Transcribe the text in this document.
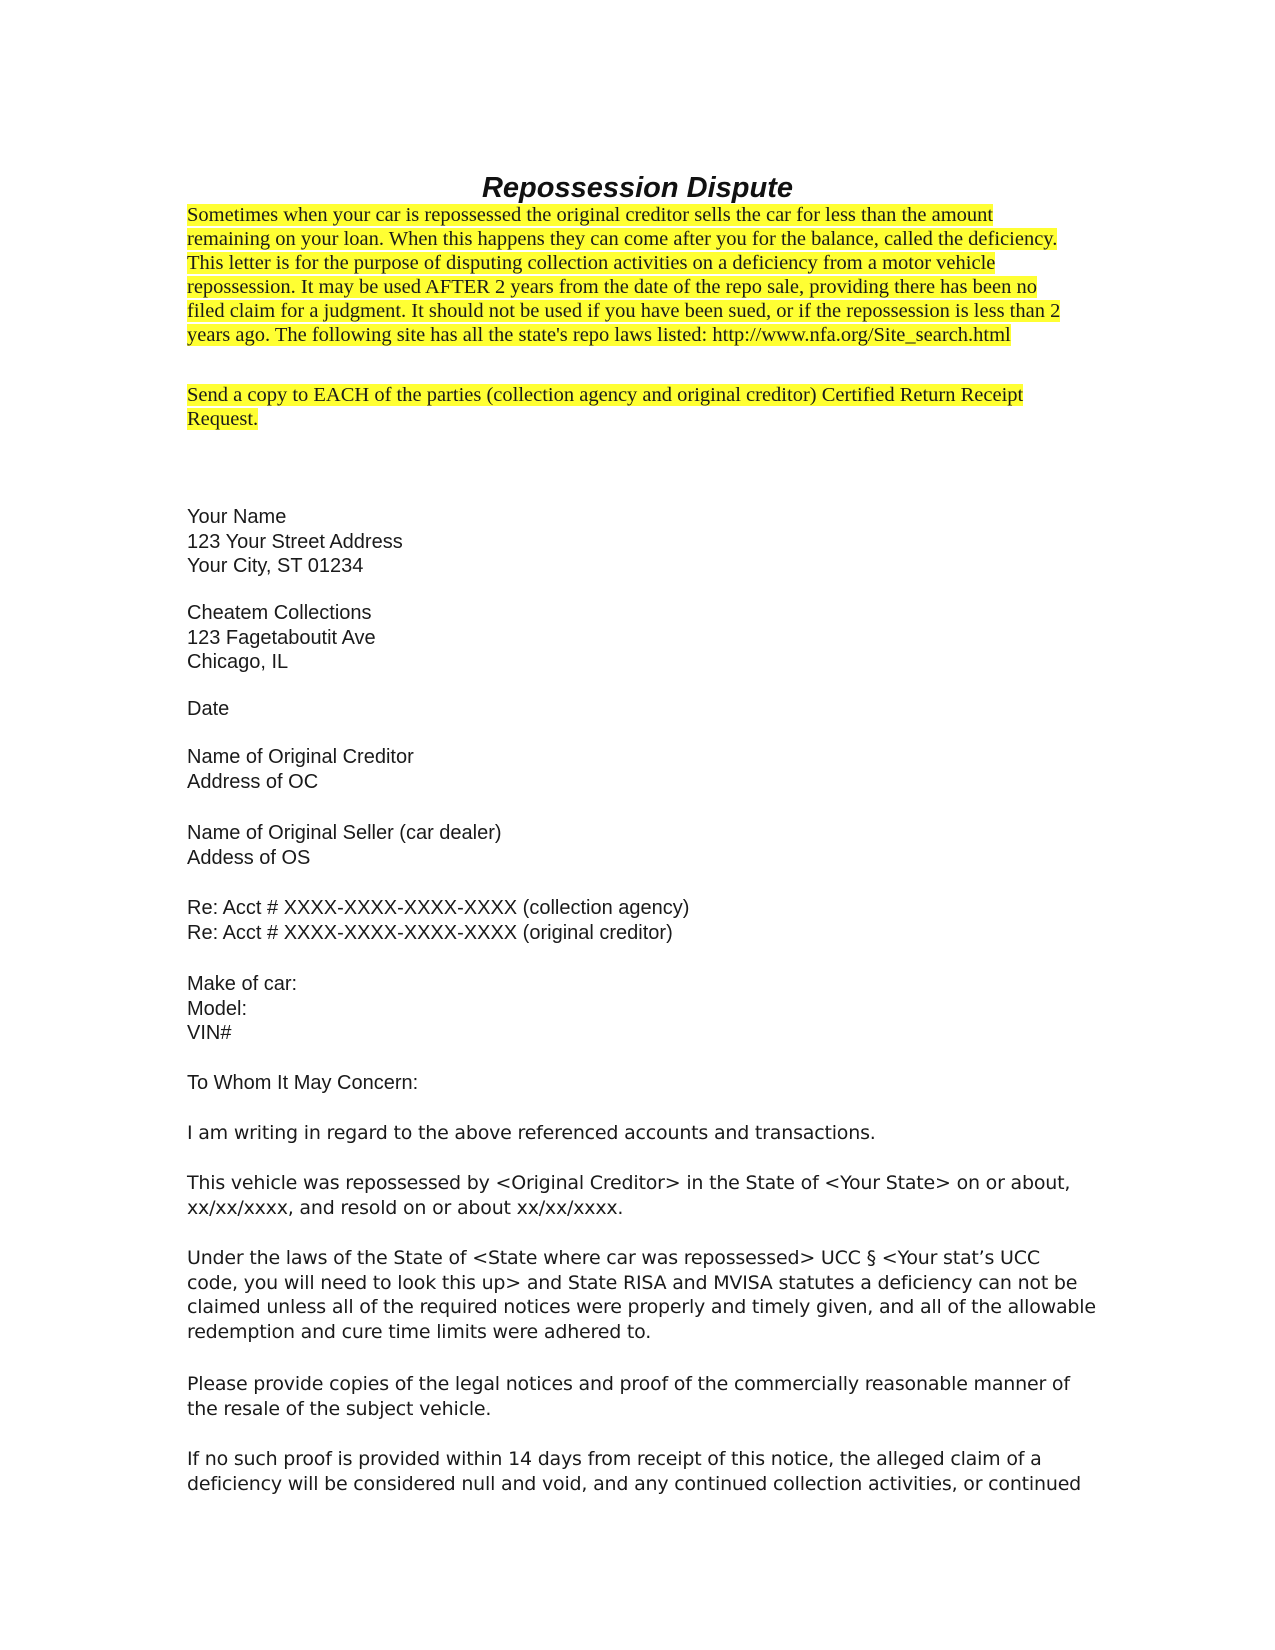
Repossession Dispute
Sometimes when your car is repossessed the original creditor sells the car for less than the amount
remaining on your loan. When this happens they can come after you for the balance, called the deficiency.
This letter is for the purpose of disputing collection activities on a deficiency from a motor vehicle
repossession. It may be used AFTER 2 years from the date of the repo sale, providing there has been no
filed claim for a judgment. It should not be used if you have been sued, or if the repossession is less than 2
years ago. The following site has all the state's repo laws listed: http://www.nfa.org/Site_search.html
Send a copy to EACH of the parties (collection agency and original creditor) Certified Return Receipt
Request.
Your Name
123 Your Street Address
Your City, ST 01234
Cheatem Collections
123 Fagetaboutit Ave
Chicago, IL
Date
Name of Original Creditor
Address of OC
Name of Original Seller (car dealer)
Addess of OS
Re: Acct # XXXX-XXXX-XXXX-XXXX (collection agency)
Re: Acct # XXXX-XXXX-XXXX-XXXX (original creditor)
Make of car:
Model:
VIN#
To Whom It May Concern:
I am writing in regard to the above referenced accounts and transactions.
This vehicle was repossessed by <Original Creditor> in the State of <Your State> on or about,
xx/xx/xxxx, and resold on or about xx/xx/xxxx.
Under the laws of the State of <State where car was repossessed> UCC § <Your stat’s UCC
code, you will need to look this up> and State RISA and MVISA statutes a deficiency can not be
claimed unless all of the required notices were properly and timely given, and all of the allowable
redemption and cure time limits were adhered to.
Please provide copies of the legal notices and proof of the commercially reasonable manner of
the resale of the subject vehicle.
If no such proof is provided within 14 days from receipt of this notice, the alleged claim of a
deficiency will be considered null and void, and any continued collection activities, or continued
